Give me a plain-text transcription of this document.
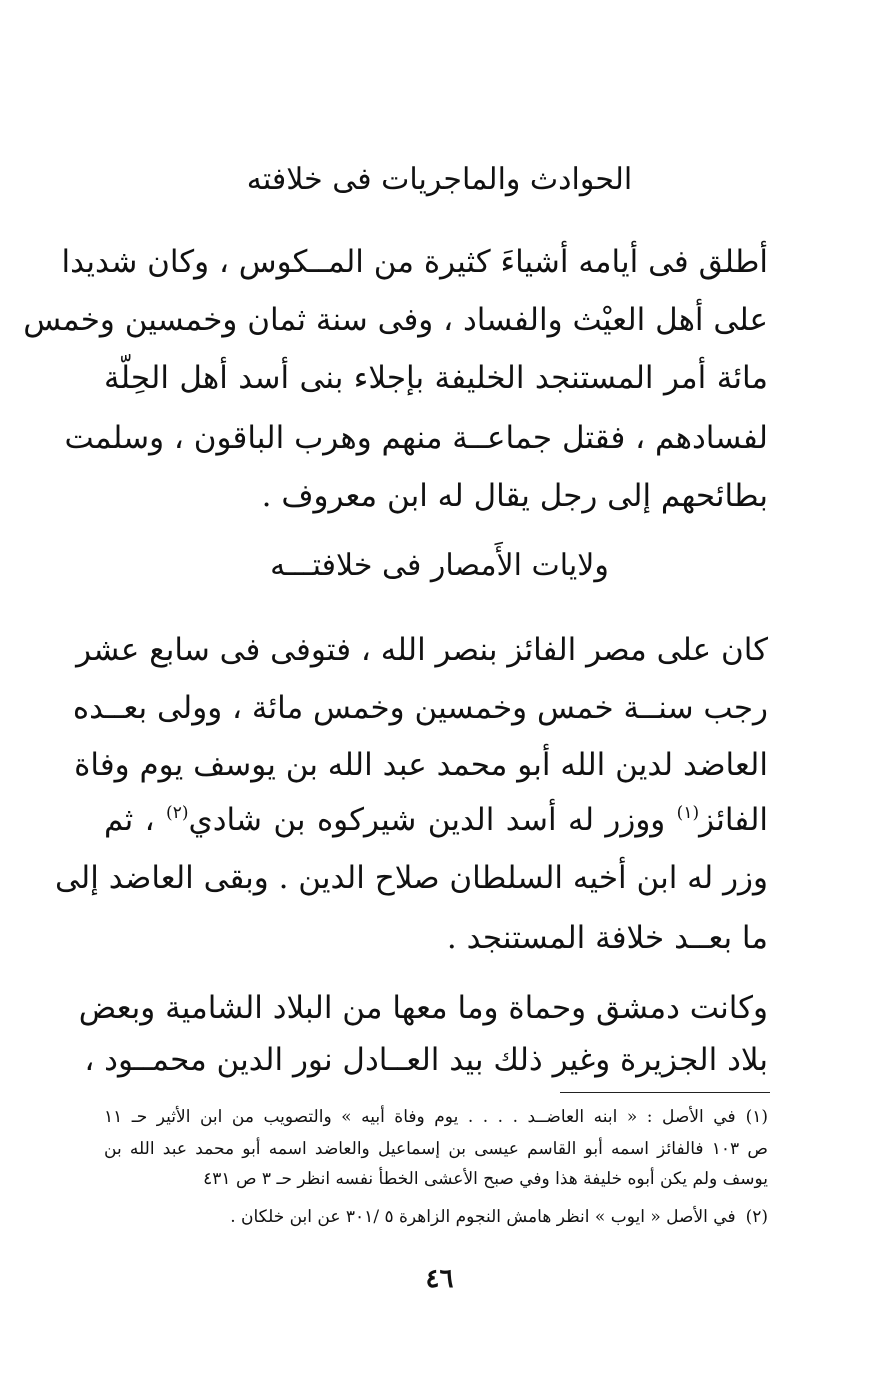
الحوادث والماجريات فى خلافته
أطلق فى أيامه أشياءَ كثيرة من المــكوس ، وكان شديدا
على أهل العيْث والفساد ، وفى سنة ثمان وخمسين وخمس
مائة أمر المستنجد الخليفة بإجلاء بنى أسد أهل الحِلّة
لفسادهم ، فقتل جماعــة منهم وهرب الباقون ، وسلمت
بطائحهم إلى رجل يقال له ابن معروف .
ولايات الأَمصار فى خلافتـــه
كان على مصر الفائز بنصر الله ، فتوفى فى سابع عشر
رجب سنــة خمس وخمسين وخمس مائة ، وولى بعــده
العاضد لدين الله أبو محمد عبد الله بن يوسف يوم وفاة
الفائز$^{(١)}$ ووزر له أسد الدين شيركوه بن شادي$^{(٢)}$ ، ثم
وزر له ابن أخيه السلطان صلاح الدين . وبقى العاضد إلى
ما بعــد خلافة المستنجد .
وكانت دمشق وحماة وما معها من البلاد الشامية وبعض
بلاد الجزيرة وغير ذلك بيد العــادل نور الدين محمــود ،
(١)في الأصل : « ابنه العاضــد . . . . يوم وفاة أبيه » والتصويب من ابن الأثير حـ ١١
ص ١٠٣ فالفائز اسمه أبو القاسم عيسى بن إسماعيل والعاضد اسمه أبو محمد عبد الله بن
يوسف ولم يكن أبوه خليفة هذا وفي صبح الأعشى الخطأ نفسه انظر حـ ٣ ص ٤٣١
(٢)في الأصل « ايوب » انظر هامش النجوم الزاهرة ٥ /٣٠١ عن ابن خلكان .
٤٦
